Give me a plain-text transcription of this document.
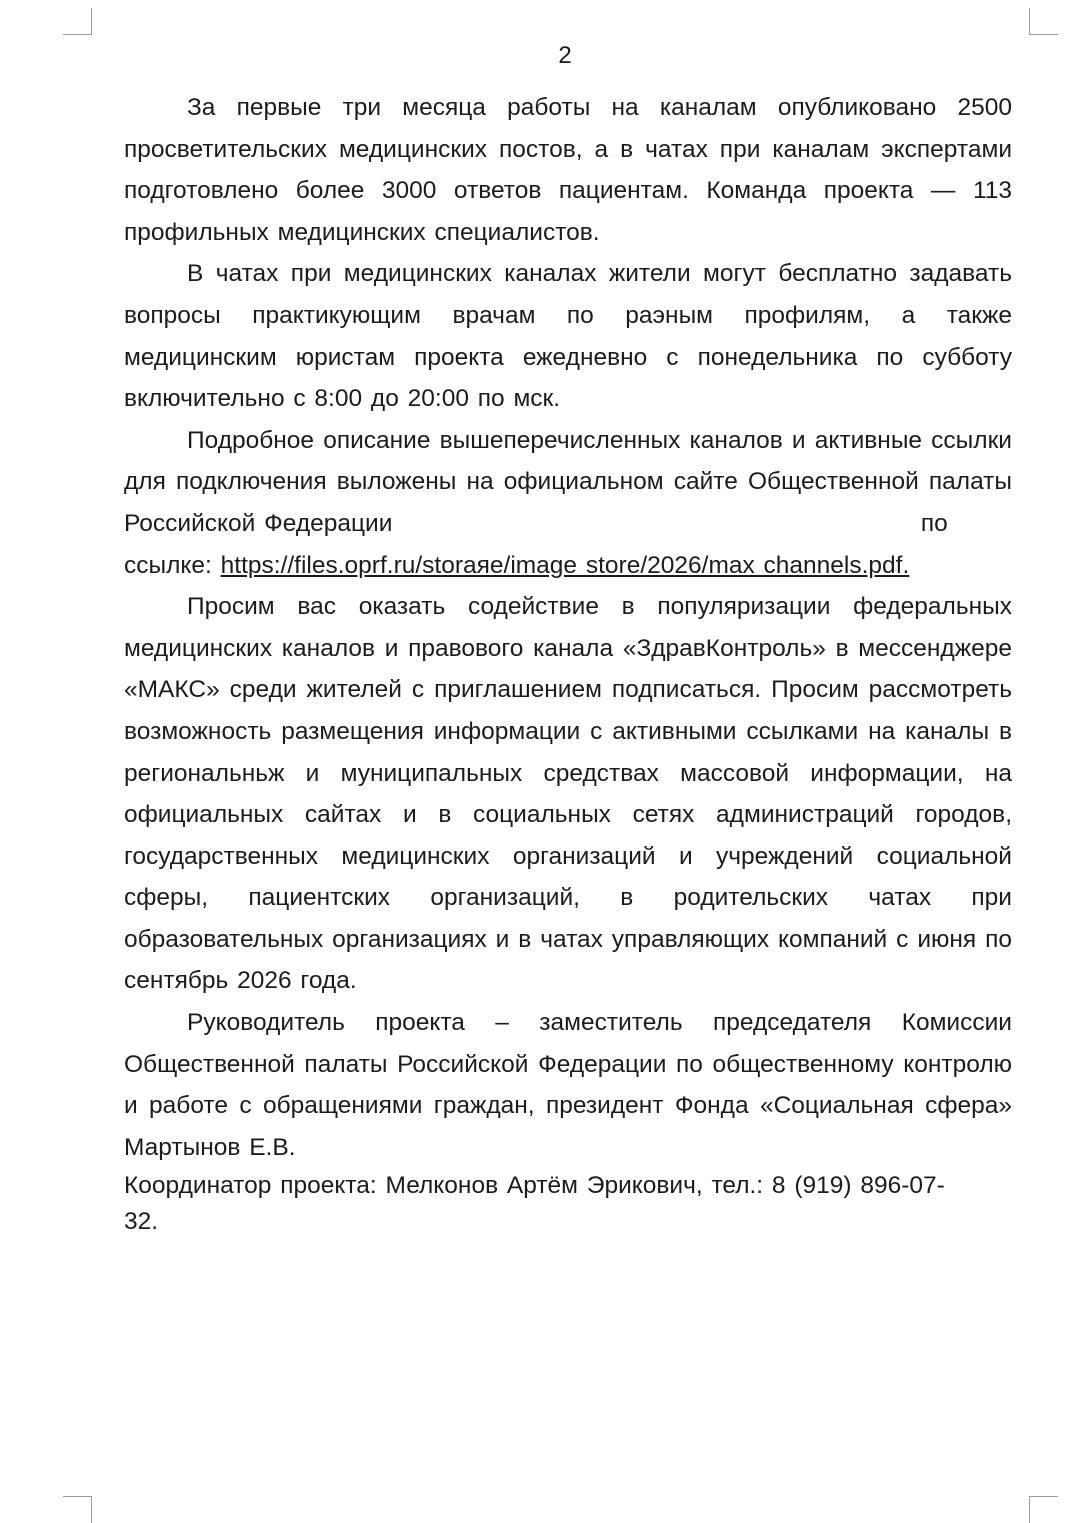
2

За первые три месяца работы на каналам опубликовано 2500 просветительских медицинских постов, а в чатах при каналам экспертами подготовлено более 3000 ответов пациентам. Команда проекта — 113 профильных медицинских специалистов.

В чатах при медицинских каналах жители могут бесплатно задавать вопросы практикующим врачам по раэным профилям, а также медицинским юристам проекта ежедневно с понедельника по субботу включительно с 8:00 до 20:00 по мск.

Подробное описание вышеперечисленных каналов и активные ссылки для подключения выложены на официальном сайте Общественной палаты Российской Федерации	по
ссылке: https://files.oprf.ru/storaяe/image store/2026/max channels.pdf.

Просим вас оказать содействие в популяризации федеральных медицинских каналов и правового канала «ЗдравКонтроль» в мессенджере «МАКС» среди жителей с приглашением подписаться. Просим рассмотреть возможность размещения информации с активными ссылками на каналы в региональньж и муниципальных средствах массовой информации, на официальных сайтах и в социальных сетях администраций городов, государственных медицинских организаций и учреждений социальной сферы, пациентских организаций, в родительских чатах при образовательных организациях и в чатах управляющих компаний с июня по сентябрь 2026 года.

Руководитель проекта – заместитель председателя Комиссии Общественной палаты Российской Федерации по общественному контролю и работе с обращениями граждан, президент Фонда «Социальная сфера» Мартынов Е.В.

Координатор проекта: Мелконов Артём Эрикович, тел.: 8 (919) 896-07-32.
